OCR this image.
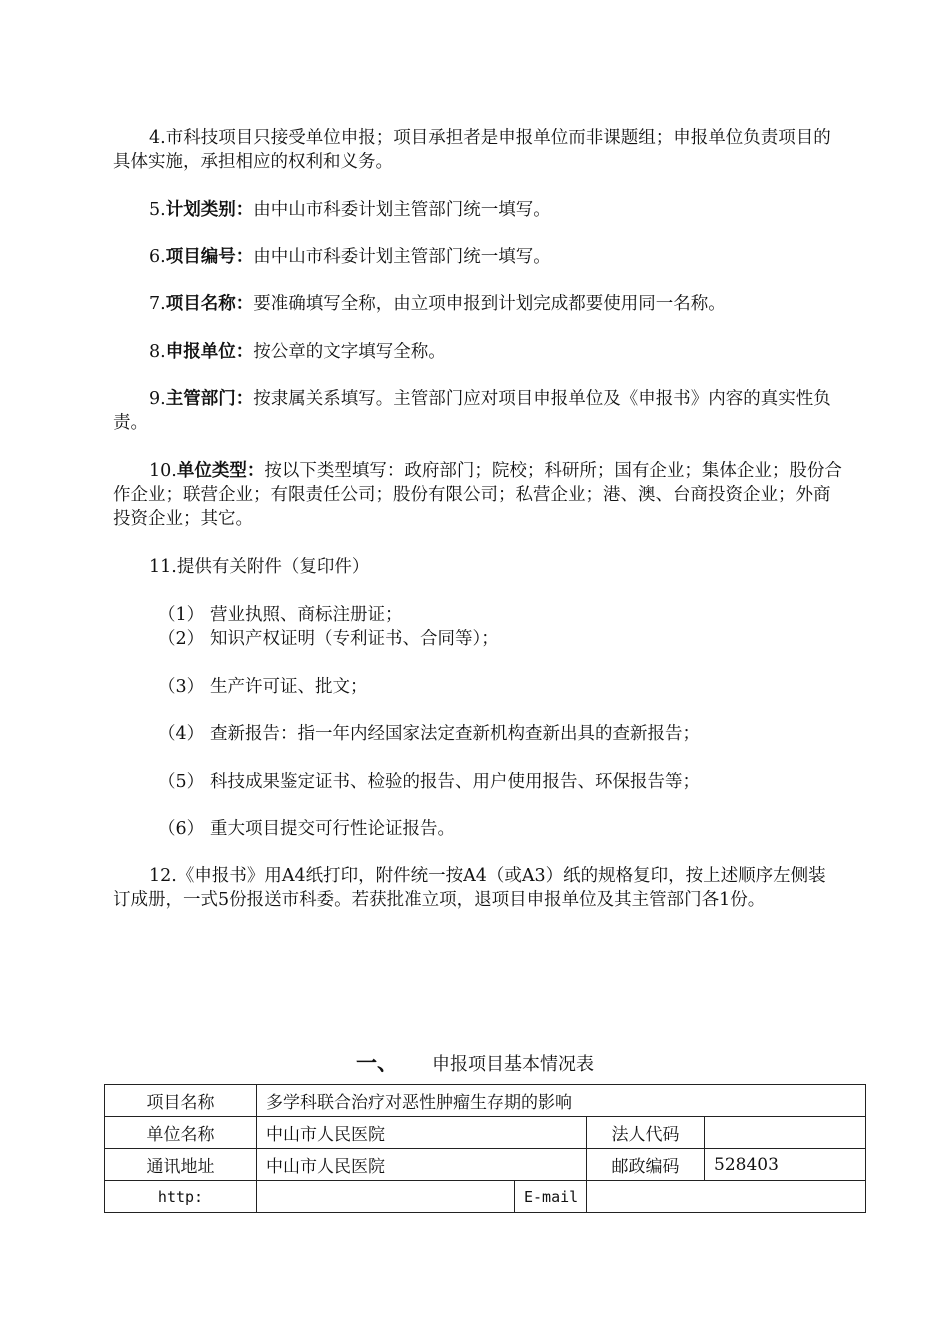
4.市科技项目只接受单位申报；项目承担者是申报单位而非课题组；申报单位负责项目的具体实施，承担相应的权利和义务。

5.计划类别：由中山市科委计划主管部门统一填写。

6.项目编号：由中山市科委计划主管部门统一填写。

7.项目名称：要准确填写全称，由立项申报到计划完成都要使用同一名称。

8.申报单位：按公章的文字填写全称。

9.主管部门：按隶属关系填写。主管部门应对项目申报单位及《申报书》内容的真实性负责。

10.单位类型：按以下类型填写：政府部门；院校；科研所；国有企业；集体企业；股份合作企业；联营企业；有限责任公司；股份有限公司；私营企业；港、澳、台商投资企业；外商投资企业；其它。

11.提供有关附件（复印件）

（1） 营业执照、商标注册证；
（2） 知识产权证明（专利证书、合同等）；
（3） 生产许可证、批文；
（4） 查新报告：指一年内经国家法定查新机构查新出具的查新报告；
（5） 科技成果鉴定证书、检验的报告、用户使用报告、环保报告等；
（6） 重大项目提交可行性论证报告。

12.《申报书》用A4纸打印，附件统一按A4（或A3）纸的规格复印，按上述顺序左侧装订成册，一式5份报送市科委。若获批准立项，退项目申报单位及其主管部门各1份。

一、 申报项目基本情况表
项目名称	多学科联合治疗对恶性肿瘤生存期的影响			
单位名称	中山市人民医院		法人代码	
通讯地址	中山市人民医院		邮政编码	528403
http:		E-mail		
